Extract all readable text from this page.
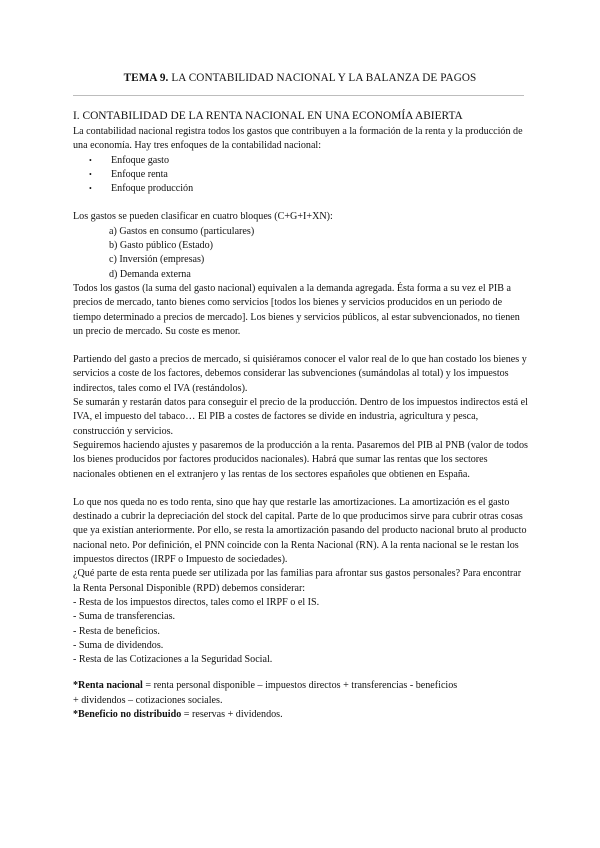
TEMA 9. LA CONTABILIDAD NACIONAL Y LA BALANZA DE PAGOS
I. CONTABILIDAD DE LA RENTA NACIONAL EN UNA ECONOMÍA ABIERTA

La contabilidad nacional registra todos los gastos que contribuyen a la formación de la renta y la producción de una economía. Hay tres enfoques de la contabilidad nacional:

• Enfoque gasto
• Enfoque renta
• Enfoque producción

Los gastos se pueden clasificar en cuatro bloques (C+G+I+XN):

a) Gastos en consumo (particulares)

b) Gasto público (Estado)

c) Inversión (empresas)

d) Demanda externa

Todos los gastos (la suma del gasto nacional) equivalen a la demanda agregada. Ésta forma a su vez el PIB a precios de mercado, tanto bienes como servicios [todos los bienes y servicios producidos en un periodo de tiempo determinado a precios de mercado]. Los bienes y servicios públicos, al estar subvencionados, no tienen un precio de mercado. Su coste es menor.

Partiendo del gasto a precios de mercado, si quisiéramos conocer el valor real de lo que han costado los bienes y servicios a coste de los factores, debemos considerar las subvenciones (sumándolas al total) y los impuestos indirectos, tales como el IVA (restándolos).

Se sumarán y restarán datos para conseguir el precio de la producción. Dentro de los impuestos indirectos está el IVA, el impuesto del tabaco… El PIB a costes de factores se divide en industria, agricultura y pesca, construcción y servicios.

Seguiremos haciendo ajustes y pasaremos de la producción a la renta. Pasaremos del PIB al PNB (valor de todos los bienes producidos por factores producidos nacionales). Habrá que sumar las rentas que los sectores nacionales obtienen en el extranjero y las rentas de los sectores españoles que obtienen en España.

Lo que nos queda no es todo renta, sino que hay que restarle las amortizaciones. La amortización es el gasto destinado a cubrir la depreciación del stock del capital. Parte de lo que producimos sirve para cubrir otras cosas que ya existían anteriormente. Por ello, se resta la amortización pasando del producto nacional bruto al producto nacional neto. Por definición, el PNN coincide con la Renta Nacional (RN). A la renta nacional se le restan los impuestos directos (IRPF o Impuesto de sociedades).

¿Qué parte de esta renta puede ser utilizada por las familias para afrontar sus gastos personales? Para encontrar la Renta Personal Disponible (RPD) debemos considerar:

- Resta de los impuestos directos, tales como el IRPF o el IS.

- Suma de transferencias.

- Resta de beneficios.

- Suma de dividendos.

- Resta de las Cotizaciones a la Seguridad Social.

*Renta nacional = renta personal disponible – impuestos directos + transferencias - beneficios

+ dividendos – cotizaciones sociales.

*Beneficio no distribuido = reservas + dividendos.
